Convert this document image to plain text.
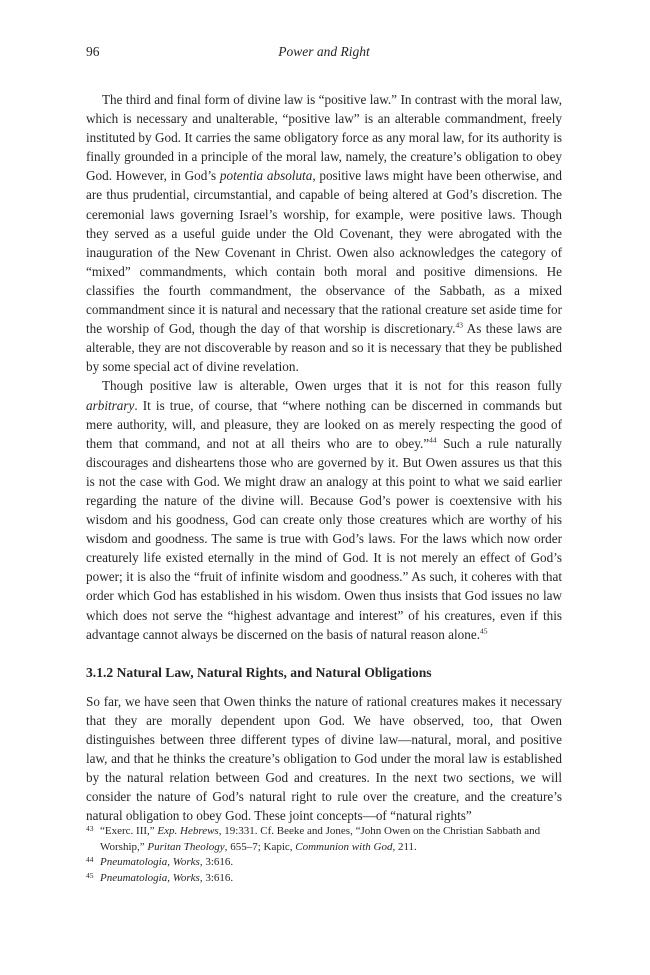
96	Power and Right

The third and final form of divine law is “positive law.” In contrast with the moral law, which is necessary and unalterable, “positive law” is an alterable commandment, freely instituted by God. It carries the same obligatory force as any moral law, for its authority is finally grounded in a principle of the moral law, namely, the creature’s obligation to obey God. However, in God’s potentia absoluta, positive laws might have been otherwise, and are thus prudential, circumstantial, and capable of being altered at God’s discretion. The ceremonial laws governing Israel’s worship, for example, were positive laws. Though they served as a useful guide under the Old Covenant, they were abrogated with the inauguration of the New Covenant in Christ. Owen also acknowledges the category of “mixed” commandments, which contain both moral and positive dimensions. He classifies the fourth commandment, the observance of the Sabbath, as a mixed commandment since it is natural and necessary that the rational creature set aside time for the worship of God, though the day of that worship is discretionary.$^{43}$ As these laws are alterable, they are not discoverable by reason and so it is necessary that they be published by some special act of divine revelation.

Though positive law is alterable, Owen urges that it is not for this reason fully arbitrary. It is true, of course, that “where nothing can be discerned in commands but mere authority, will, and pleasure, they are looked on as merely respecting the good of them that command, and not at all theirs who are to obey.”$^{44}$ Such a rule naturally discourages and disheartens those who are governed by it. But Owen assures us that this is not the case with God. We might draw an analogy at this point to what we said earlier regarding the nature of the divine will. Because God’s power is coextensive with his wisdom and his goodness, God can create only those creatures which are worthy of his wisdom and goodness. The same is true with God’s laws. For the laws which now order creaturely life existed eternally in the mind of God. It is not merely an effect of God’s power; it is also the “fruit of infinite wisdom and goodness.” As such, it coheres with that order which God has established in his wisdom. Owen thus insists that God issues no law which does not serve the “highest advantage and interest” of his creatures, even if this advantage cannot always be discerned on the basis of natural reason alone.$^{45}$

3.1.2 Natural Law, Natural Rights, and Natural Obligations

So far, we have seen that Owen thinks the nature of rational creatures makes it necessary that they are morally dependent upon God. We have observed, too, that Owen distinguishes between three different types of divine law—natural, moral, and positive law, and that he thinks the creature’s obligation to God under the moral law is established by the natural relation between God and creatures. In the next two sections, we will consider the nature of God’s natural right to rule over the creature, and the creature’s natural obligation to obey God. These joint concepts—of “natural rights”

43 “Exerc. III,” Exp. Hebrews, 19:331. Cf. Beeke and Jones, “John Owen on the Christian Sabbath and Worship,” Puritan Theology, 655–7; Kapic, Communion with God, 211.

44 Pneumatologia, Works, 3:616.

45 Pneumatologia, Works, 3:616.
